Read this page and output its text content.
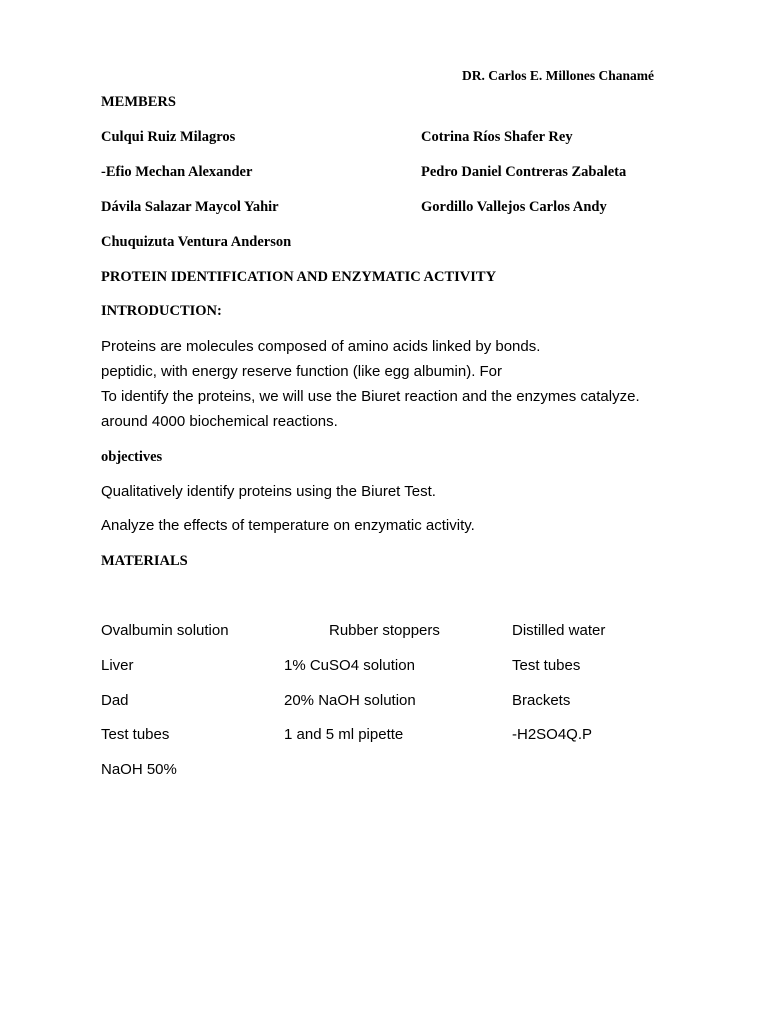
DR. Carlos E. Millones Chanamé
MEMBERS
Culqui Ruiz Milagros
-Efio Mechan Alexander
Dávila Salazar Maycol Yahir
Chuquizuta Ventura Anderson
Cotrina Ríos Shafer Rey
Pedro Daniel Contreras Zabaleta
Gordillo Vallejos Carlos Andy
PROTEIN IDENTIFICATION AND ENZYMATIC ACTIVITY
INTRODUCTION:
Proteins are molecules composed of amino acids linked by bonds.
peptidic, with energy reserve function (like egg albumin). For
To identify the proteins, we will use the Biuret reaction and the enzymes catalyze.
around 4000 biochemical reactions.
objectives
Qualitatively identify proteins using the Biuret Test.
Analyze the effects of temperature on enzymatic activity.
MATERIALS
Ovalbumin solution
Liver
Dad
Test tubes
NaOH 50%
Rubber stoppers
1% CuSO4 solution
20% NaOH solution
1 and 5 ml pipette
Distilled water
Test tubes
Brackets
-H2SO4Q.P
